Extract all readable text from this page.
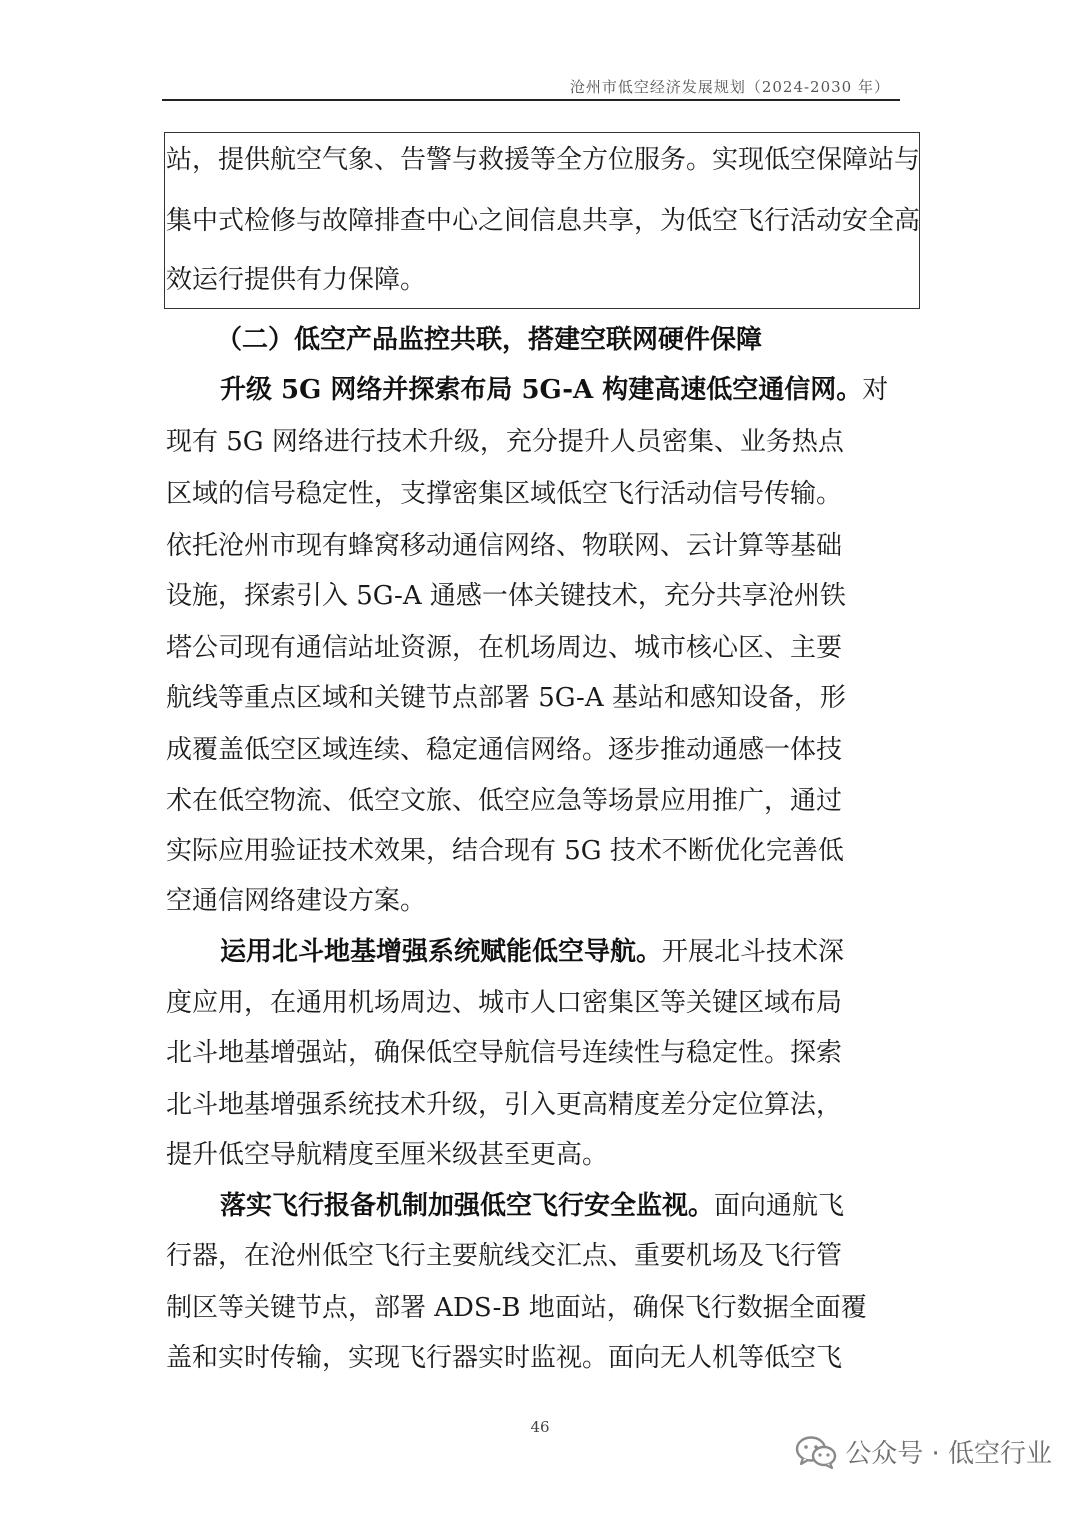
沧州市低空经济发展规划（2024-2030 年）
站，提供航空气象、告警与救援等全方位服务。实现低空保障站与
集中式检修与故障排查中心之间信息共享，为低空飞行活动安全高
效运行提供有力保障。
（二）低空产品监控共联，搭建空联网硬件保障
升级 5G 网络并探索布局 5G-A 构建高速低空通信网。对
现有 5G 网络进行技术升级，充分提升人员密集、业务热点
区域的信号稳定性，支撑密集区域低空飞行活动信号传输。
依托沧州市现有蜂窝移动通信网络、物联网、云计算等基础
设施，探索引入 5G-A 通感一体关键技术，充分共享沧州铁
塔公司现有通信站址资源，在机场周边、城市核心区、主要
航线等重点区域和关键节点部署 5G-A 基站和感知设备，形
成覆盖低空区域连续、稳定通信网络。逐步推动通感一体技
术在低空物流、低空文旅、低空应急等场景应用推广，通过
实际应用验证技术效果，结合现有 5G 技术不断优化完善低
空通信网络建设方案。
运用北斗地基增强系统赋能低空导航。开展北斗技术深
度应用，在通用机场周边、城市人口密集区等关键区域布局
北斗地基增强站，确保低空导航信号连续性与稳定性。探索
北斗地基增强系统技术升级，引入更高精度差分定位算法，
提升低空导航精度至厘米级甚至更高。
落实飞行报备机制加强低空飞行安全监视。面向通航飞
行器，在沧州低空飞行主要航线交汇点、重要机场及飞行管
制区等关键节点，部署 ADS-B 地面站，确保飞行数据全面覆
盖和实时传输，实现飞行器实时监视。面向无人机等低空飞
46
公众号 · 低空行业
